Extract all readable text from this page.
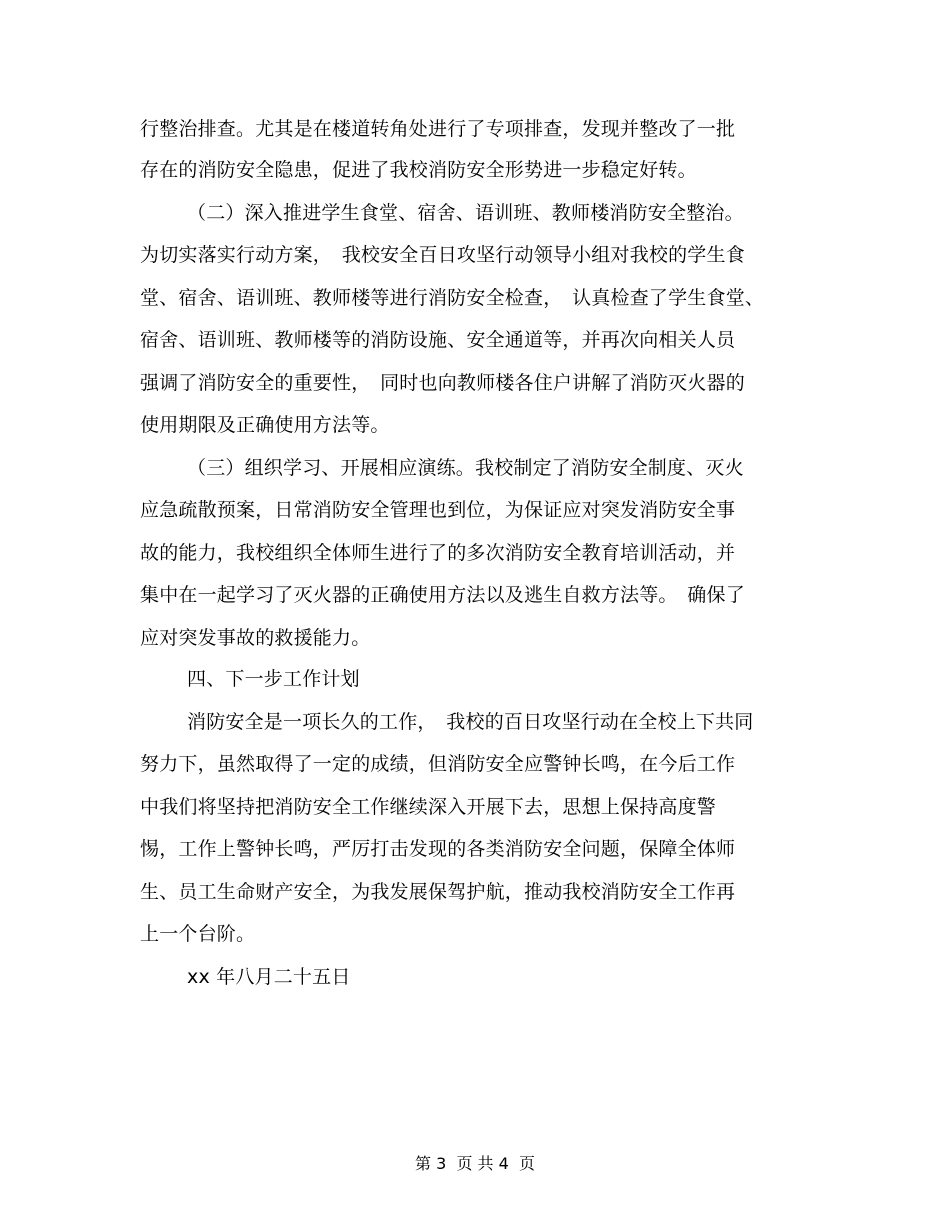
行整治排查。尤其是在楼道转角处进行了专项排查，发现并整改了一批
存在的消防安全隐患，促进了我校消防安全形势进一步稳定好转。
（二）深入推进学生食堂、宿舍、语训班、教师楼消防安全整治。
为切实落实行动方案，　我校安全百日攻坚行动领导小组对我校的学生食
堂、宿舍、语训班、教师楼等进行消防安全检查，　认真检查了学生食堂、
宿舍、语训班、教师楼等的消防设施、安全通道等，并再次向相关人员
强调了消防安全的重要性，　同时也向教师楼各住户讲解了消防灭火器的
使用期限及正确使用方法等。
（三）组织学习、开展相应演练。我校制定了消防安全制度、灭火
应急疏散预案，日常消防安全管理也到位，为保证应对突发消防安全事
故的能力，我校组织全体师生进行了的多次消防安全教育培训活动，并
集中在一起学习了灭火器的正确使用方法以及逃生自救方法等。　确保了
应对突发事故的救援能力。
四、下一步工作计划
消防安全是一项长久的工作，　我校的百日攻坚行动在全校上下共同
努力下，虽然取得了一定的成绩，但消防安全应警钟长鸣，在今后工作
中我们将坚持把消防安全工作继续深入开展下去，思想上保持高度警
惕，工作上警钟长鸣，严厉打击发现的各类消防安全问题，保障全体师
生、员工生命财产安全，为我发展保驾护航，推动我校消防安全工作再
上一个台阶。
xx 年八月二十五日
第 3  页 共 4  页
